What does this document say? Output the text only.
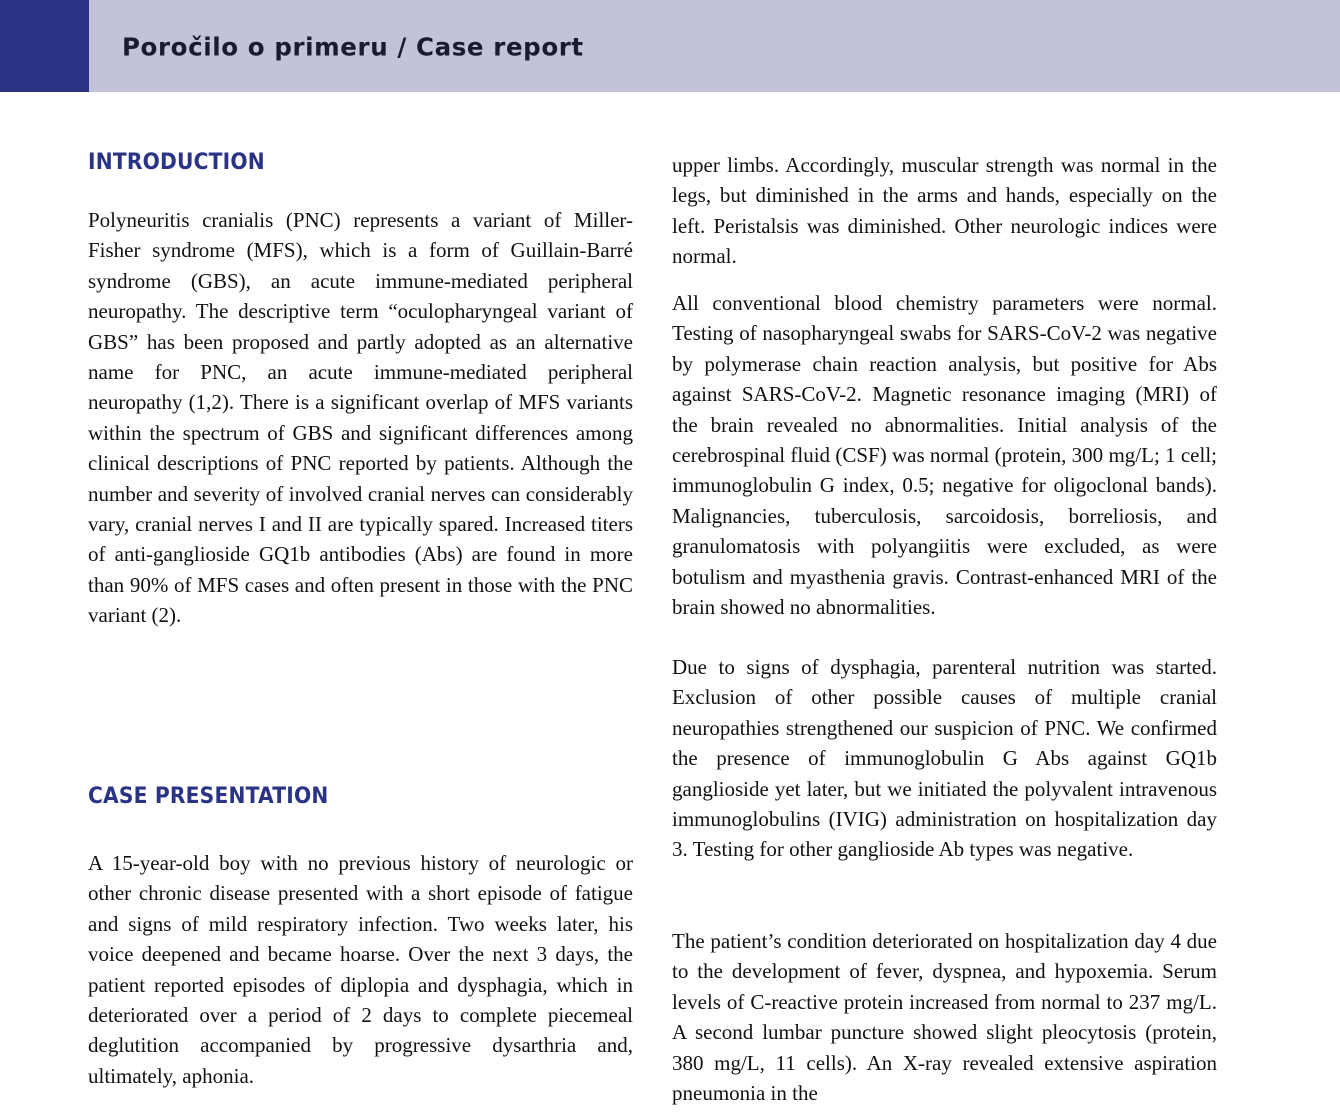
Poročilo o primeru / Case report
INTRODUCTION

Polyneuritis cranialis (PNC) represents a variant of Miller-Fisher syndrome (MFS), which is a form of Guillain-Barré syndrome (GBS), an acute immune-mediated peripheral neuropathy. The descriptive term “oculopharyngeal variant of GBS” has been proposed and partly adopted as an alternative name for PNC, an acute immune-mediated peripheral neuropathy (1,2). There is a significant overlap of MFS variants within the spectrum of GBS and significant differences among clinical descriptions of PNC reported by patients. Although the number and severity of involved cranial nerves can considerably vary, cranial nerves I and II are typically spared. Increased titers of anti-ganglioside GQ1b antibodies (Abs) are found in more than 90% of MFS cases and often present in those with the PNC variant (2).

CASE PRESENTATION

A 15-year-old boy with no previous history of neurologic or other chronic disease presented with a short episode of fatigue and signs of mild respiratory infection. Two weeks later, his voice deepened and became hoarse. Over the next 3 days, the patient reported episodes of diplopia and dysphagia, which in deteriorated over a period of 2 days to complete piecemeal deglutition accompanied by progressive dysarthria and, ultimately, aphonia.

upper limbs. Accordingly, muscular strength was normal in the legs, but diminished in the arms and hands, especially on the left. Peristalsis was diminished. Other neurologic indices were normal.

All conventional blood chemistry parameters were normal. Testing of nasopharyngeal swabs for SARS-CoV-2 was negative by polymerase chain reaction analysis, but positive for Abs against SARS-CoV-2. Magnetic resonance imaging (MRI) of the brain revealed no abnormalities. Initial analysis of the cerebrospinal fluid (CSF) was normal (protein, 300 mg/L; 1 cell; immunoglobulin G index, 0.5; negative for oligoclonal bands). Malignancies, tuberculosis, sarcoidosis, borreliosis, and granulomatosis with polyangiitis were excluded, as were botulism and myasthenia gravis. Contrast-enhanced MRI of the brain showed no abnormalities.

Due to signs of dysphagia, parenteral nutrition was started. Exclusion of other possible causes of multiple cranial neuropathies strengthened our suspicion of PNC. We confirmed the presence of immunoglobulin G Abs against GQ1b ganglioside yet later, but we initiated the polyvalent intravenous immunoglobulins (IVIG) administration on hospitalization day 3. Testing for other ganglioside Ab types was negative.

The patient’s condition deteriorated on hospitalization day 4 due to the development of fever, dyspnea, and hypoxemia. Serum levels of C-reactive protein increased from normal to 237 mg/L. A second lumbar puncture showed slight pleocytosis (protein, 380 mg/L, 11 cells). An X-ray revealed extensive aspiration pneumonia in the
